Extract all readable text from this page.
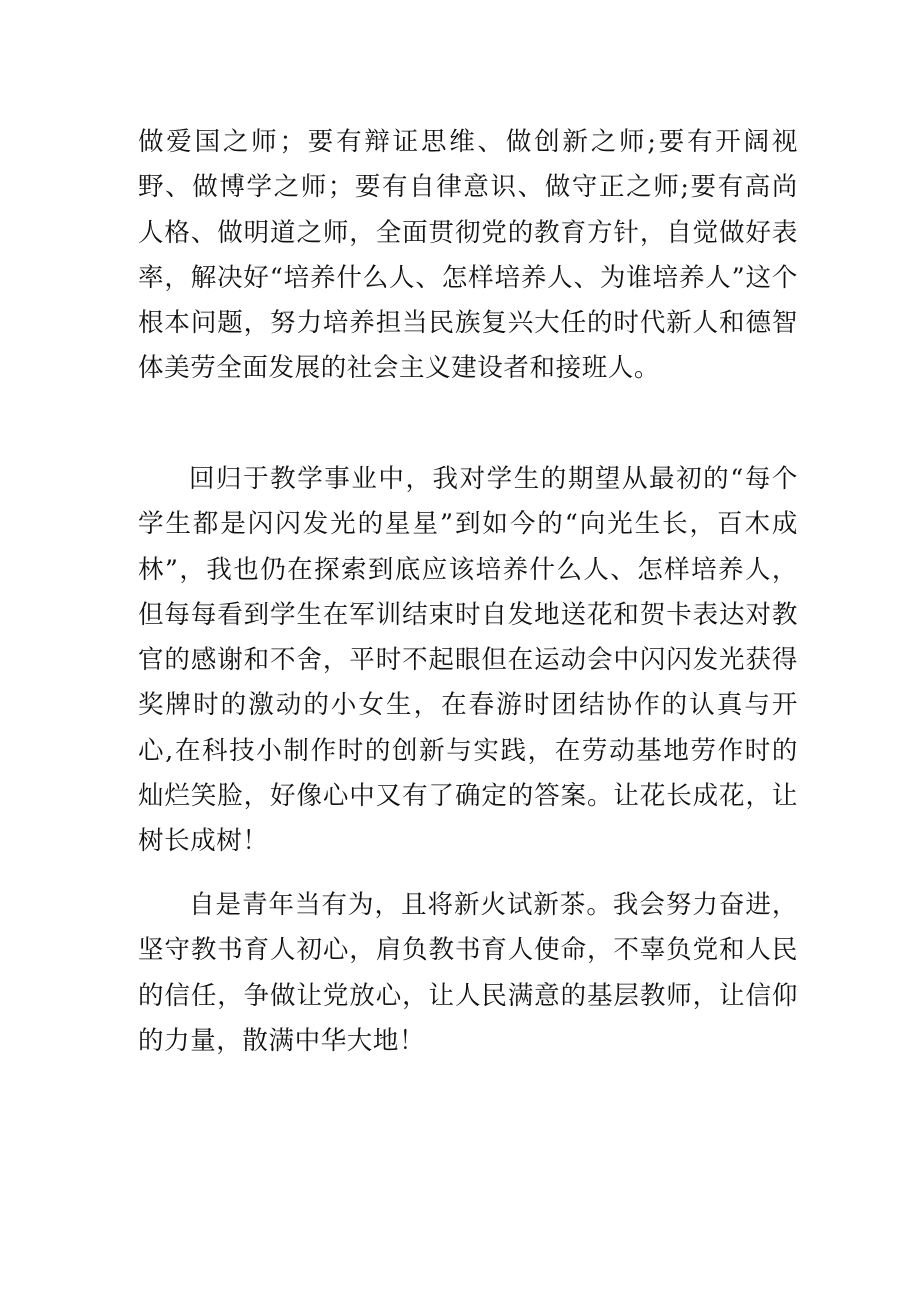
做爱国之师；要有辩证思维、做创新之师;要有开阔视野、做博学之师；要有自律意识、做守正之师;要有高尚人格、做明道之师，全面贯彻党的教育方针，自觉做好表率，解决好“培养什么人、怎样培养人、为谁培养人”这个根本问题，努力培养担当民族复兴大任的时代新人和德智体美劳全面发展的社会主义建设者和接班人。

回归于教学事业中，我对学生的期望从最初的“每个学生都是闪闪发光的星星”到如今的“向光生长，百木成林”，我也仍在探索到底应该培养什么人、怎样培养人，但每每看到学生在军训结束时自发地送花和贺卡表达对教官的感谢和不舍，平时不起眼但在运动会中闪闪发光获得奖牌时的激动的小女生，在春游时团结协作的认真与开心,在科技小制作时的创新与实践，在劳动基地劳作时的灿烂笑脸，好像心中又有了确定的答案。让花长成花，让树长成树！

自是青年当有为，且将新火试新茶。我会努力奋进，坚守教书育人初心，肩负教书育人使命，不辜负党和人民的信任，争做让党放心，让人民满意的基层教师，让信仰的力量，散满中华大地！
